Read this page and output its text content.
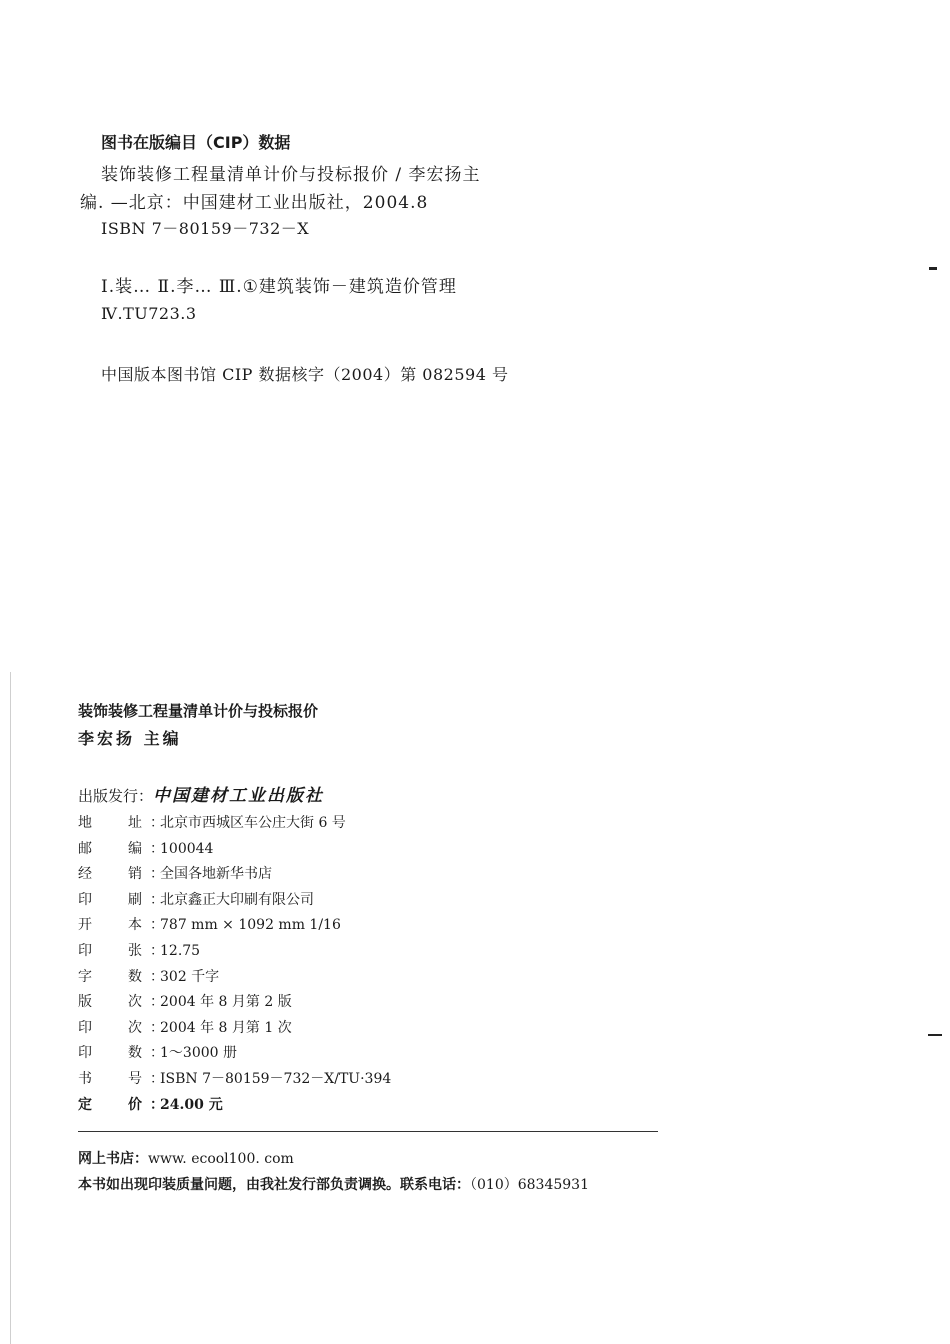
图书在版编目（CIP）数据
装饰装修工程量清单计价与投标报价 / 李宏扬主
编. —北京：中国建材工业出版社，2004.8
ISBN 7－80159－732－X
Ⅰ.装… Ⅱ.李… Ⅲ.①建筑装饰－建筑造价管理
Ⅳ.TU723.3
中国版本图书馆 CIP 数据核字（2004）第 082594 号
装饰装修工程量清单计价与投标报价
李宏扬 主编
出版发行：中国建材工业出版社
地	址 ：
北京市西城区车公庄大街 6 号
邮	编 ：
100044
经	销 ：
全国各地新华书店
印	刷 ：
北京鑫正大印刷有限公司
开	本 ：
787 mm × 1092 mm 1/16
印	张 ：
12.75
字	数 ：
302 千字
版	次 ：
2004 年 8 月第 2 版
印	次 ：
2004 年 8 月第 1 次
印	数 ：
1～3000 册
书	号 ：
ISBN 7－80159－732－X/TU·394
定	价 ：
24.00 元
网上书店：www. ecool100. com
本书如出现印装质量问题，由我社发行部负责调换。联系电话：（010）68345931
